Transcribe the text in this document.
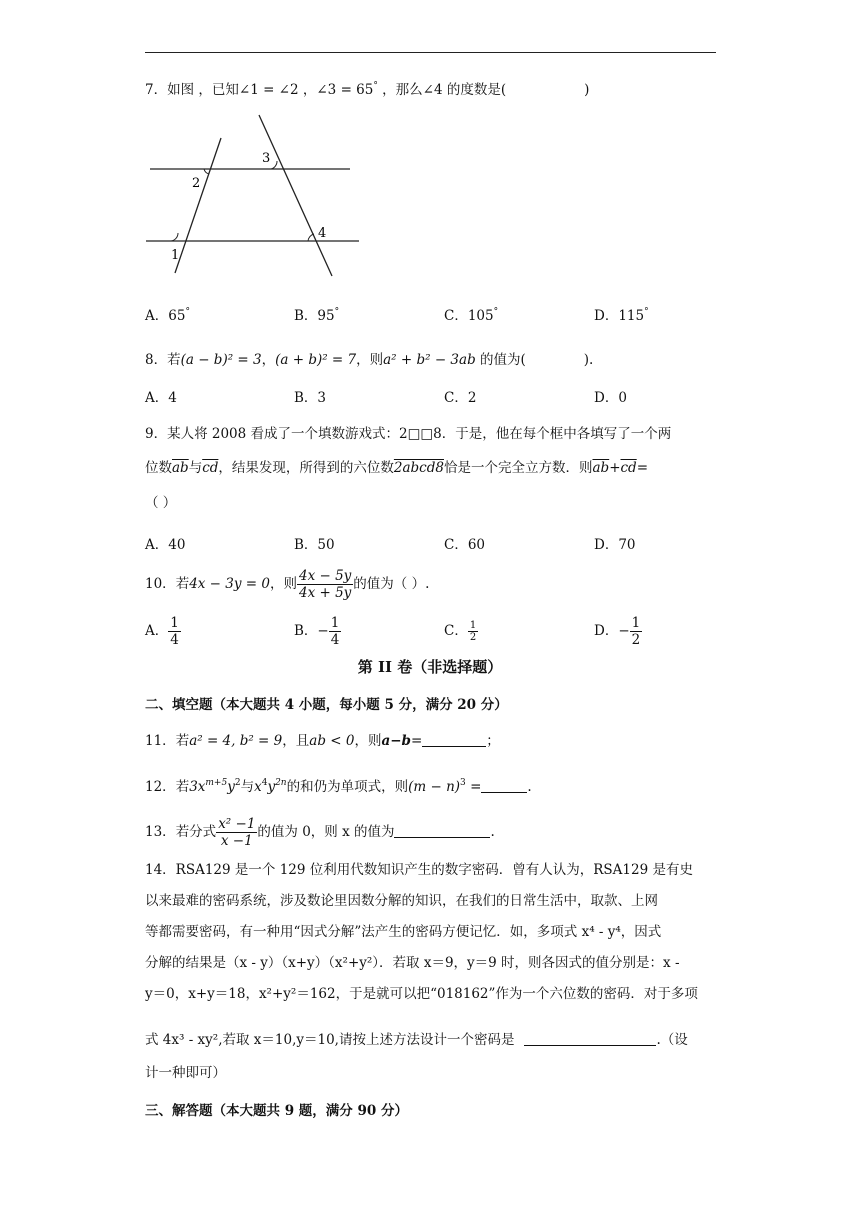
7．如图 ，已知∠1 = ∠2 ，∠3 = 65° ，那么∠4 的度数是(	)
1
2
3
4
A．65°	B．95°	C．105°	D．115°
8．若(a − b)² = 3，(a + b)² = 7，则a² + b² − 3ab 的值为(	).
A．4	B．3	C．2	D．0
9．某人将 2008 看成了一个填数游戏式：2□□8．于是，他在每个框中各填写了一个两
位数$\overline{ab}$与$\overline{cd}$，结果发现，所得到的六位数2abcd8恰是一个完全立方数．则$\overline{ab}+\overline{cd}=$
（ ）
A．40	B．50	C．60	D．70
10．若4x − 3y = 0，则 $\frac{4x - 5y}{4x + 5y}$ 的值为（ ）.
A． $\frac{1}{4}$	B．− $\frac{1}{4}$	C． $\frac{1}{2}$	D．− $\frac{1}{2}$
第 II 卷（非选择题）
二、填空题（本大题共 4 小题，每小题 5 分，满分 20 分）
11．若a² = 4, b² = 9，且ab < 0，则a−b=	；
12．若$3x^{m+5}y^2$与$x^4y^{2n}$的和仍为单项式，则$(m - n)^3$ =	.
13．若分式 $\frac{\text{x² −1}}{x -1}$ 的值为 0，则 x 的值为	.
14．RSA129 是一个 129 位利用代数知识产生的数字密码．曾有人认为，RSA129 是有史
以来最难的密码系统，涉及数论里因数分解的知识，在我们的日常生活中，取款、上网
等都需要密码，有一种用“因式分解”法产生的密码方便记忆．如，多项式 x⁴ - y⁴，因式
分解的结果是（x - y）（x+y）（x²+y²）．若取 x＝9，y＝9 时，则各因式的值分别是：x -
y＝0，x+y＝18，x²+y²＝162，于是就可以把“018162”作为一个六位数的密码．对于多项
式 4x³ - xy²,若取 x＝10,y＝10,请按上述方法设计一个密码是	.（设
计一种即可）
三、解答题（本大题共 9 题，满分 90 分）
